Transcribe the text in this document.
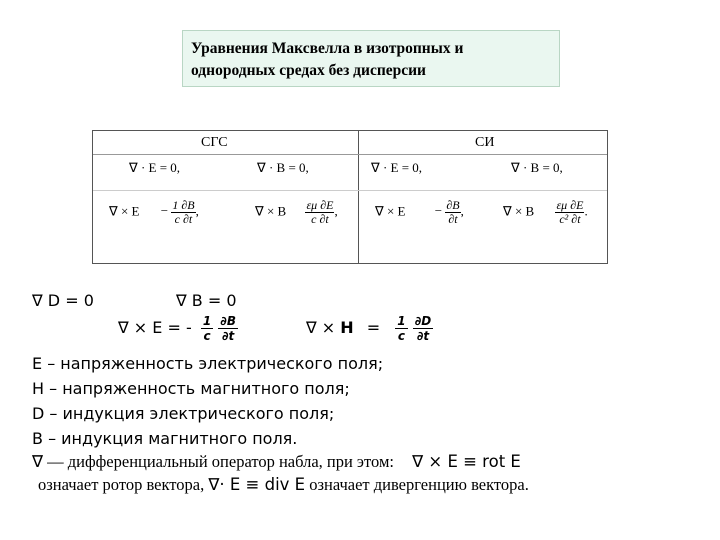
Уравнения Максвелла в изотропных и
однородных средах без дисперсии
СГС	СИ
∇ · E = 0,	∇ · B = 0,	∇ · E = 0,	∇ · B = 0,
∇ × $E - \frac{1 \partial B}{c \partial t}$ ,	∇ × B $\frac{\varepsilon\mu \partial E}{c \partial t}$ ,	∇ × $E - \frac{\partial B}{\partial t}$ ,	∇ × B $\frac{\varepsilon\mu \partial E}{\text{c² ∂t}}$ .
∇ D = 0	∇ B = 0
∇ × E = - $\frac{1}{c}$
$\frac{\partial B}{\partial t}$	∇ × $H = \frac{1}{c}$
$\frac{\partial D}{\partial t}$
E – напряженность электрического поля;
H – напряженность магнитного поля;
D – индукция электрического поля;
B – индукция магнитного поля.
∇ — дифференциальный оператор набла, при этом: ∇ × E ≡ rot E
означает ротор вектора, ∇· E ≡ div E означает дивергенцию вектора.
